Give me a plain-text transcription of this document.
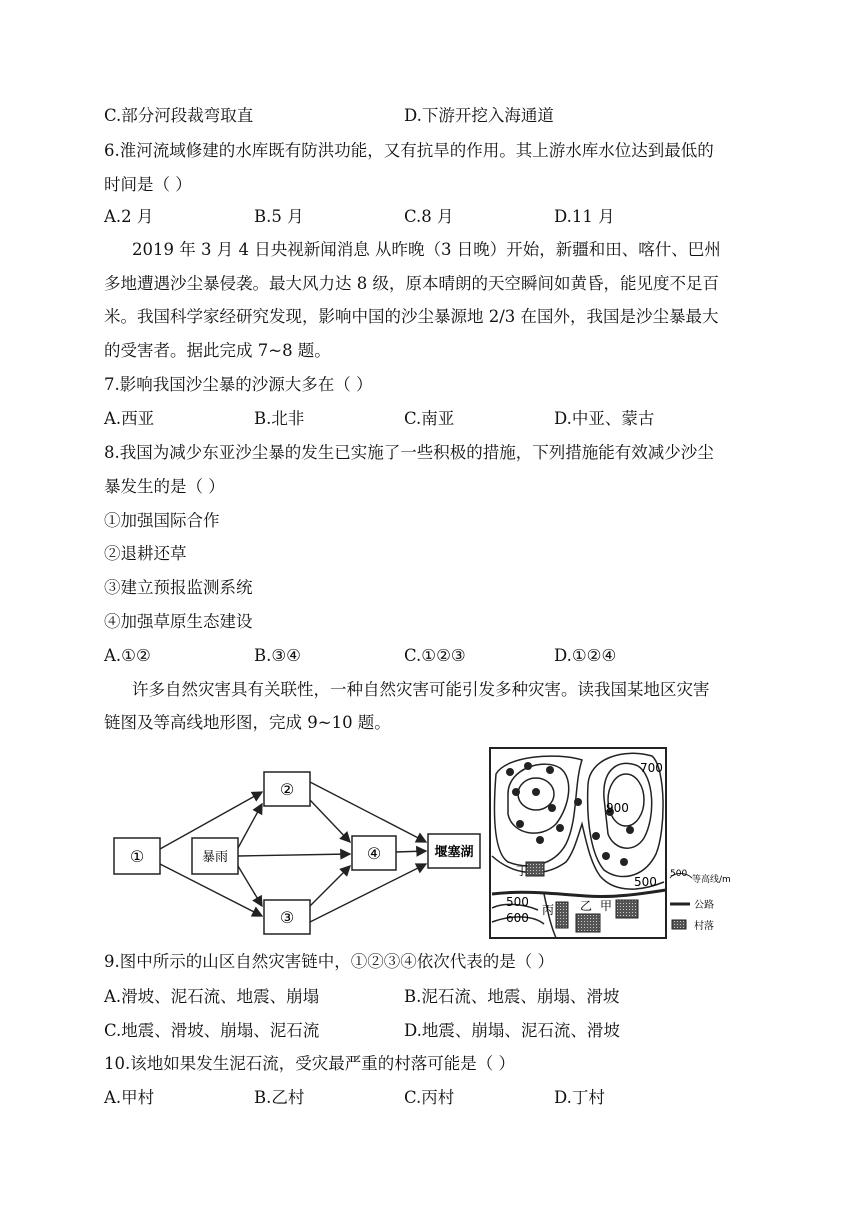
C.部分河段裁弯取直	D.下游开挖入海通道
6.淮河流域修建的水库既有防洪功能，又有抗旱的作用。其上游水库水位达到最低的
时间是（ ）
A.2 月	B.5 月	C.8 月	D.11 月
2019 年 3 月 4 日央视新闻消息 从昨晚（3 日晚）开始，新疆和田、喀什、巴州
多地遭遇沙尘暴侵袭。最大风力达 8 级，原本晴朗的天空瞬间如黄昏，能见度不足百
米。我国科学家经研究发现，影响中国的沙尘暴源地 2/3 在国外，我国是沙尘暴最大
的受害者。据此完成 7~8 题。
7.影响我国沙尘暴的沙源大多在（ ）
A.西亚	B.北非	C.南亚	D.中亚、蒙古
8.我国为减少东亚沙尘暴的发生已实施了一些积极的措施，下列措施能有效减少沙尘
暴发生的是（ ）
①加强国际合作
②退耕还草
③建立预报监测系统
④加强草原生态建设
A.①②	B.③④	C.①②③	D.①②④
许多自然灾害具有关联性，一种自然灾害可能引发多种灾害。读我国某地区灾害
链图及等高线地形图，完成 9~10 题。
①	暴雨
②
③
④	堰塞湖
丁
丙 乙 甲
700
900
500
500
600
500
等高线/m
公路
村落
9.图中所示的山区自然灾害链中，①②③④依次代表的是（ ）
A.滑坡、泥石流、地震、崩塌	B.泥石流、地震、崩塌、滑坡
C.地震、滑坡、崩塌、泥石流	D.地震、崩塌、泥石流、滑坡
10.该地如果发生泥石流，受灾最严重的村落可能是（ ）
A.甲村	B.乙村	C.丙村	D.丁村
